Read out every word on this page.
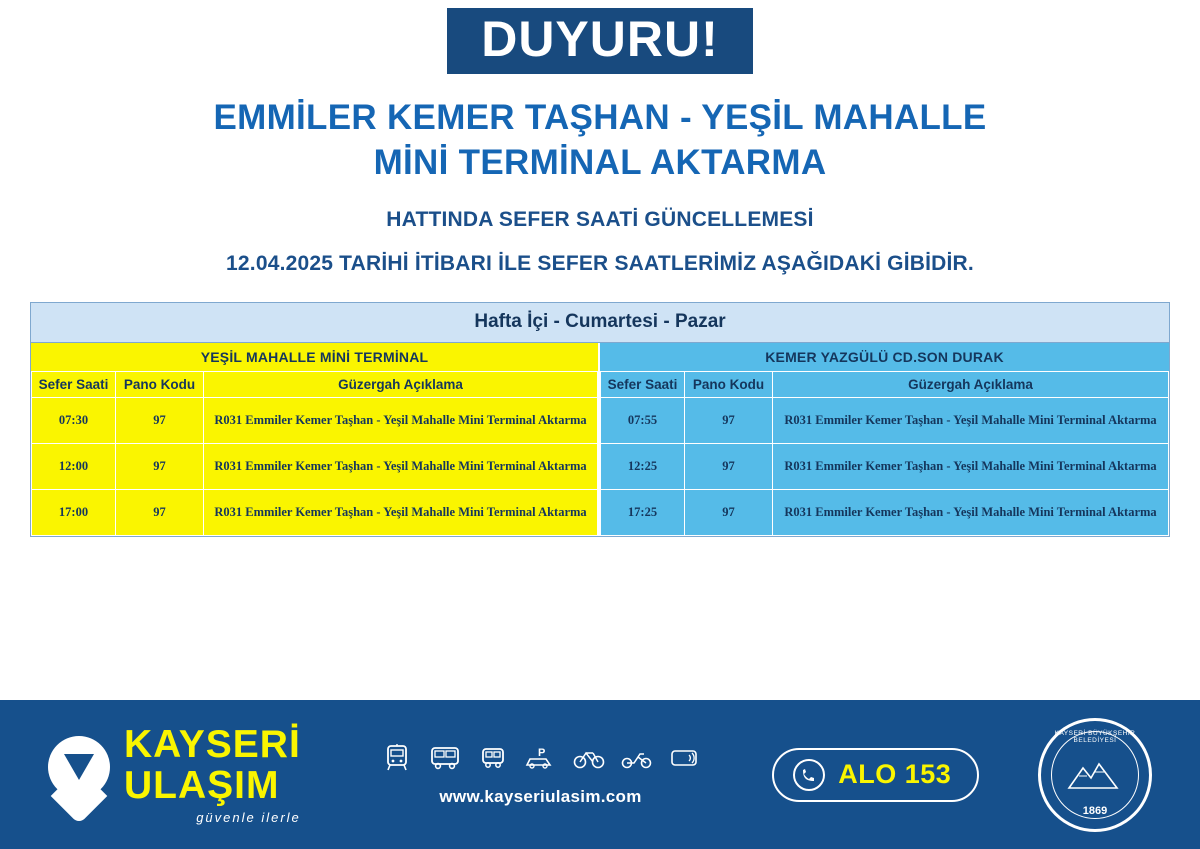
DUYURU!
EMMİLER KEMER TAŞHAN - YEŞİL MAHALLE
MİNİ TERMİNAL AKTARMA
HATTINDA SEFER SAATİ GÜNCELLEMESİ
12.04.2025 TARİHİ İTİBARI İLE SEFER SAATLERİMİZ AŞAĞIDAKİ GİBİDİR.
Hafta İçi - Cumartesi - Pazar
YEŞİL MAHALLE MİNİ TERMİNAL
Sefer Saati	Pano Kodu	Güzergah Açıklama
07:30	97	R031 Emmiler Kemer Taşhan - Yeşil Mahalle Mini Terminal Aktarma
12:00	97	R031 Emmiler Kemer Taşhan - Yeşil Mahalle Mini Terminal Aktarma
17:00	97	R031 Emmiler Kemer Taşhan - Yeşil Mahalle Mini Terminal Aktarma
KEMER YAZGÜLÜ CD.SON DURAK
Sefer Saati	Pano Kodu	Güzergah Açıklama
07:55	97	R031 Emmiler Kemer Taşhan - Yeşil Mahalle Mini Terminal Aktarma
12:25	97	R031 Emmiler Kemer Taşhan - Yeşil Mahalle Mini Terminal Aktarma
17:25	97	R031 Emmiler Kemer Taşhan - Yeşil Mahalle Mini Terminal Aktarma
KAYSERİ
ULAŞIM
güvenle ilerle
P
www.kayseriulasim.com
ALO 153
KAYSERİ BÜYÜKŞEHİR BELEDİYESİ
1869
